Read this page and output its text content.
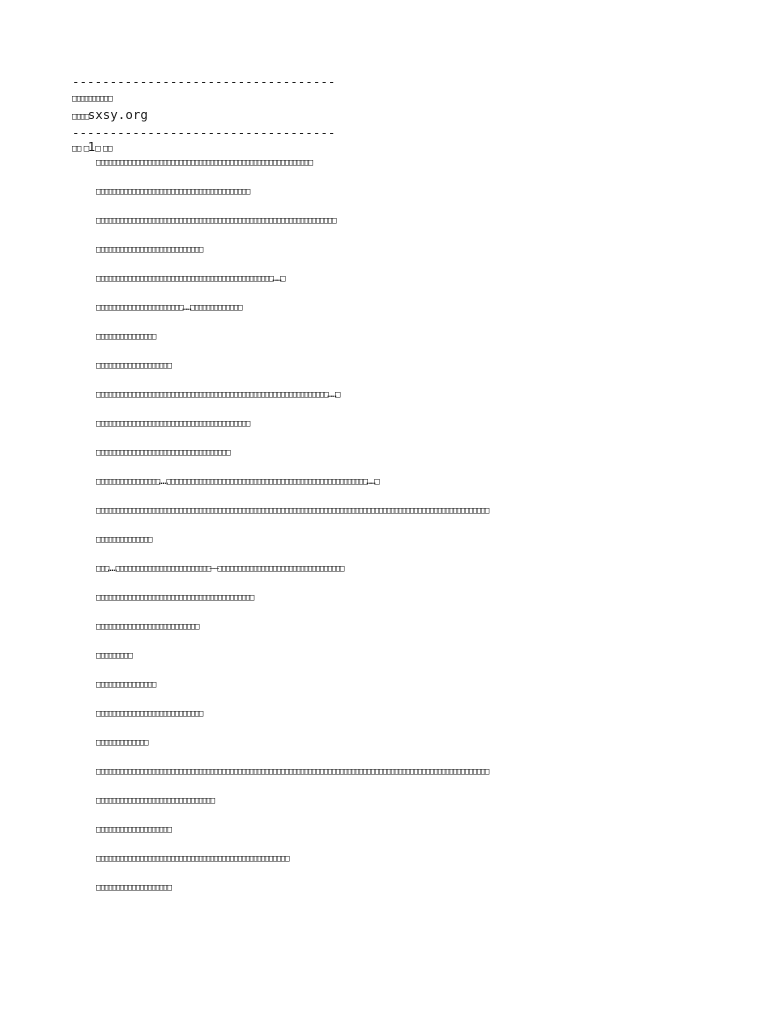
-----------------------------------
□□□□□□□□□□
□□□□sxsy.org
-----------------------------------
□□ □1□ □□

□□□□□□□□□□□□□□□□□□□□□□□□□□□□□□□□□□□□□□□□□□□□□□□□□□□□□□□

□□□□□□□□□□□□□□□□□□□□□□□□□□□□□□□□□□□□□□□

□□□□□□□□□□□□□□□□□□□□□□□□□□□□□□□□□□□□□□□□□□□□□□□□□□□□□□□□□□□□□

□□□□□□□□□□□□□□□□□□□□□□□□□□□

□□□□□□□□□□□□□□□□□□□□□□□□□□□□□□□□□□□□□□□□□□□□□……□

□□□□□□□□□□□□□□□□□□□□□□……□□□□□□□□□□□□□

□□□□□□□□□□□□□□□

□□□□□□□□□□□□□□□□□□□

□□□□□□□□□□□□□□□□□□□□□□□□□□□□□□□□□□□□□□□□□□□□□□□□□□□□□□□□□□□……□

□□□□□□□□□□□□□□□□□□□□□□□□□□□□□□□□□□□□□□□

□□□□□□□□□□□□□□□□□□□□□□□□□□□□□□□□□□

□□□□□□□□□□□□□□□□……□□□□□□□□□□□□□□□□□□□□□□□□□□□□□□□□□□□□□□□□□□□□□□□□□□□……□

□□□□□□□□□□□□□□□□□□□□□□□□□□□□□□□□□□□□□□□□□□□□□□□□□□□□□□□□□□□□□□□□□□□□□□□□□□□□□□□□□□□□□□□□□□□□□□□□□□□□

□□□□□□□□□□□□□□

□□□……□□□□□□□□□□□□□□□□□□□□□□□□——□□□□□□□□□□□□□□□□□□□□□□□□□□□□□□□□

□□□□□□□□□□□□□□□□□□□□□□□□□□□□□□□□□□□□□□□□

□□□□□□□□□□□□□□□□□□□□□□□□□□

□□□□□□□□□

□□□□□□□□□□□□□□□

□□□□□□□□□□□□□□□□□□□□□□□□□□□

□□□□□□□□□□□□□

□□□□□□□□□□□□□□□□□□□□□□□□□□□□□□□□□□□□□□□□□□□□□□□□□□□□□□□□□□□□□□□□□□□□□□□□□□□□□□□□□□□□□□□□□□□□□□□□□□□□

□□□□□□□□□□□□□□□□□□□□□□□□□□□□□□

□□□□□□□□□□□□□□□□□□□

□□□□□□□□□□□□□□□□□□□□□□□□□□□□□□□□□□□□□□□□□□□□□□□□□

□□□□□□□□□□□□□□□□□□□
